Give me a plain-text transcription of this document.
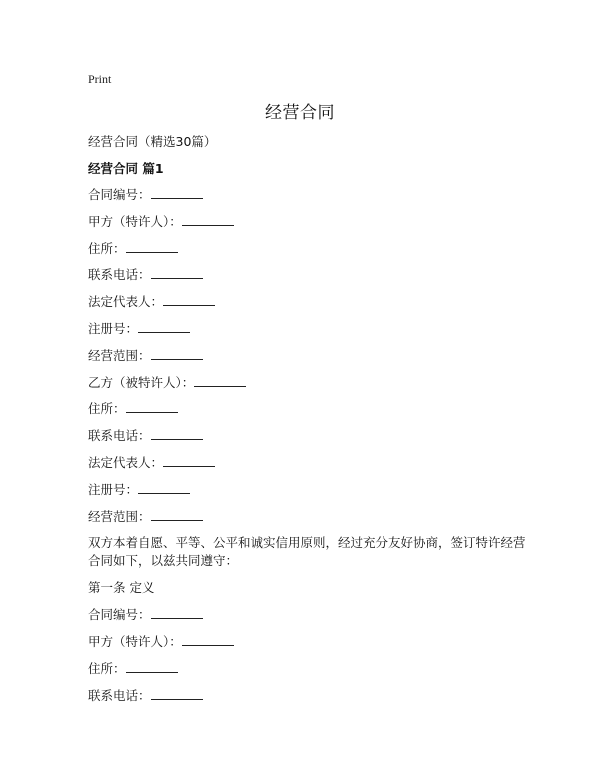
Print
经营合同
经营合同（精选30篇）
经营合同 篇1
合同编号：
甲方（特许人）：
住所：
联系电话：
法定代表人：
注册号：
经营范围：
乙方（被特许人）：
住所：
联系电话：
法定代表人：
注册号：
经营范围：
双方本着自愿、平等、公平和诚实信用原则，经过充分友好协商，签订特许经营合同如下，以兹共同遵守：
第一条 定义
合同编号：
甲方（特许人）：
住所：
联系电话：
